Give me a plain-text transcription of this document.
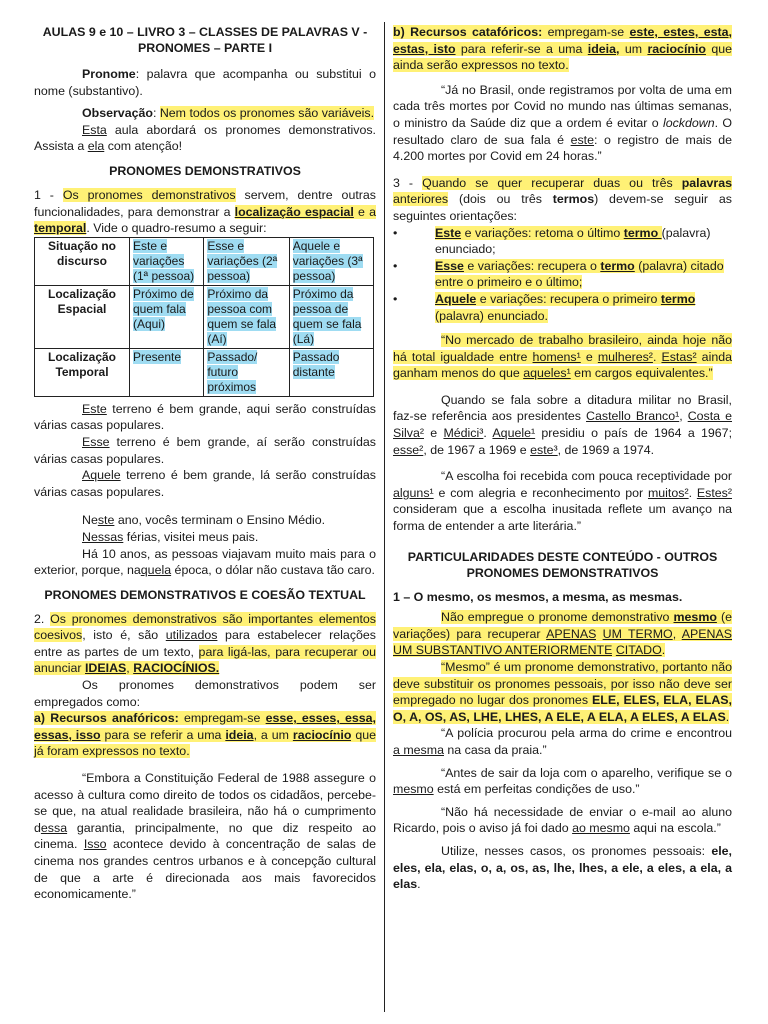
AULAS 9 e 10 – LIVRO 3 – CLASSES DE PALAVRAS V - PRONOMES – PARTE I

Pronome: palavra que acompanha ou substitui o nome (substantivo).

Observação: Nem todos os pronomes são variáveis.

Esta aula abordará os pronomes demonstrativos. Assista a ela com atenção!

PRONOMES DEMONSTRATIVOS

1 - Os pronomes demonstrativos servem, dentre outras funcionalidades, para demonstrar a localização espacial e a temporal. Vide o quadro-resumo a seguir:

Situação no discurso	Este e variações (1ª pessoa)	Esse e variações (2ª pessoa)	Aquele e variações (3ª pessoa)
Localização Espacial	Próximo de quem fala (Aqui)	Próximo da pessoa com quem se fala (Aí)	Próximo da pessoa de quem se fala (Lá)
Localização Temporal	Presente	Passado/ futuro próximos	Passado distante

Este terreno é bem grande, aqui serão construídas várias casas populares.

Esse terreno é bem grande, aí serão construídas várias casas populares.

Aquele terreno é bem grande, lá serão construídas várias casas populares.

Neste ano, vocês terminam o Ensino Médio.

Nessas férias, visitei meus pais.

Há 10 anos, as pessoas viajavam muito mais para o exterior, porque, naquela época, o dólar não custava tão caro.

PRONOMES DEMONSTRATIVOS E COESÃO TEXTUAL

2. Os pronomes demonstrativos são importantes elementos coesivos, isto é, são utilizados para estabelecer relações entre as partes de um texto, para ligá-las, para recuperar ou anunciar IDEIAS, RACIOCÍNIOS.

Os pronomes demonstrativos podem ser empregados como:

a) Recursos anafóricos: empregam-se esse, esses, essa, essas, isso para se referir a uma ideia, a um raciocínio que já foram expressos no texto.

“Embora a Constituição Federal de 1988 assegure o acesso à cultura como direito de todos os cidadãos, percebe-se que, na atual realidade brasileira, não há o cumprimento dessa garantia, principalmente, no que diz respeito ao cinema. Isso acontece devido à concentração de salas de cinema nos grandes centros urbanos e à concepção cultural de que a arte é direcionada aos mais favorecidos economicamente.”

b) Recursos catafóricos: empregam-se este, estes, esta, estas, isto para referir-se a uma ideia, um raciocínio que ainda serão expressos no texto.

“Já no Brasil, onde registramos por volta de uma em cada três mortes por Covid no mundo nas últimas semanas, o ministro da Saúde diz que a ordem é evitar o lockdown. O resultado claro de sua fala é este: o registro de mais de 4.200 mortes por Covid em 24 horas.”

3 - Quando se quer recuperar duas ou três palavras anteriores (dois ou três termos) devem-se seguir as seguintes orientações:

•	Este e variações: retoma o último termo (palavra) enunciado;
•	Esse e variações: recupera o termo (palavra) citado entre o primeiro e o último;
•	Aquele e variações: recupera o primeiro termo (palavra) enunciado.

“No mercado de trabalho brasileiro, ainda hoje não há total igualdade entre homens¹ e mulheres². Estas² ainda ganham menos do que aqueles¹ em cargos equivalentes.”

Quando se fala sobre a ditadura militar no Brasil, faz-se referência aos presidentes Castello Branco¹, Costa e Silva² e Médici³. Aquele¹ presidiu o país de 1964 a 1967; esse², de 1967 a 1969 e este³, de 1969 a 1974.

“A escolha foi recebida com pouca receptividade por alguns¹ e com alegria e reconhecimento por muitos². Estes² consideram que a escolha inusitada reflete um avanço na forma de entender a arte literária.”

PARTICULARIDADES DESTE CONTEÚDO - OUTROS PRONOMES DEMONSTRATIVOS

1 – O mesmo, os mesmos, a mesma, as mesmas.

Não empregue o pronome demonstrativo mesmo (e variações) para recuperar APENAS UM TERMO, APENAS UM SUBSTANTIVO ANTERIORMENTE CITADO.

“Mesmo” é um pronome demonstrativo, portanto não deve substituir os pronomes pessoais, por isso não deve ser empregado no lugar dos pronomes ELE, ELES, ELA, ELAS, O, A, OS, AS, LHE, LHES, A ELE, A ELA, A ELES, A ELAS.

“A polícia procurou pela arma do crime e encontrou a mesma na casa da praia.”

“Antes de sair da loja com o aparelho, verifique se o mesmo está em perfeitas condições de uso.”

“Não há necessidade de enviar o e-mail ao aluno Ricardo, pois o aviso já foi dado ao mesmo aqui na escola.”

Utilize, nesses casos, os pronomes pessoais: ele, eles, ela, elas, o, a, os, as, lhe, lhes, a ele, a eles, a ela, a elas.
